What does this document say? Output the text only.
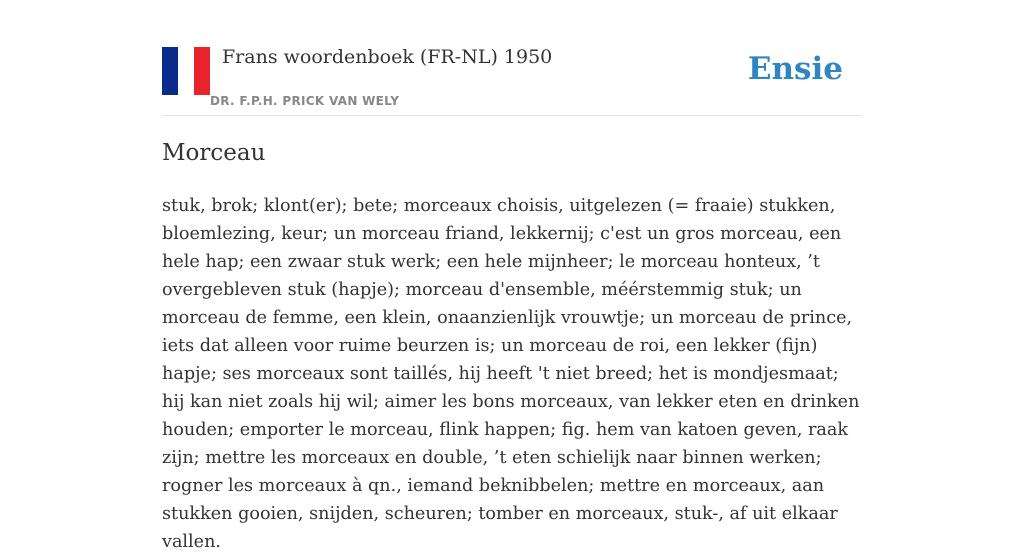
Frans woordenboek (FR-NL) 1950
DR. F.P.H. PRICK VAN WELY
Ensie
Morceau

stuk, brok; klont(er); bete; morceaux choisis, uitgelezen (= fraaie) stukken, bloemlezing, keur; un morceau friand, lekkernij; c'est un gros morceau, een hele hap; een zwaar stuk werk; een hele mijnheer; le morceau honteux, ’t overgebleven stuk (hapje); morceau d'ensemble, méérstemmig stuk; un morceau de femme, een klein, onaanzienlijk vrouwtje; un morceau de prince, iets dat alleen voor ruime beurzen is; un morceau de roi, een lekker (fijn) hapje; ses morceaux sont taillés, hij heeft 't niet breed; het is mondjesmaat; hij kan niet zoals hij wil; aimer les bons morceaux, van lekker eten en drinken houden; emporter le morceau, flink happen; fig. hem van katoen geven, raak zijn; mettre les morceaux en double, ’t eten schielijk naar binnen werken; rogner les morceaux à qn., iemand beknibbelen; mettre en morceaux, aan stukken gooien, snijden, scheuren; tomber en morceaux, stuk-, af uit elkaar vallen.
